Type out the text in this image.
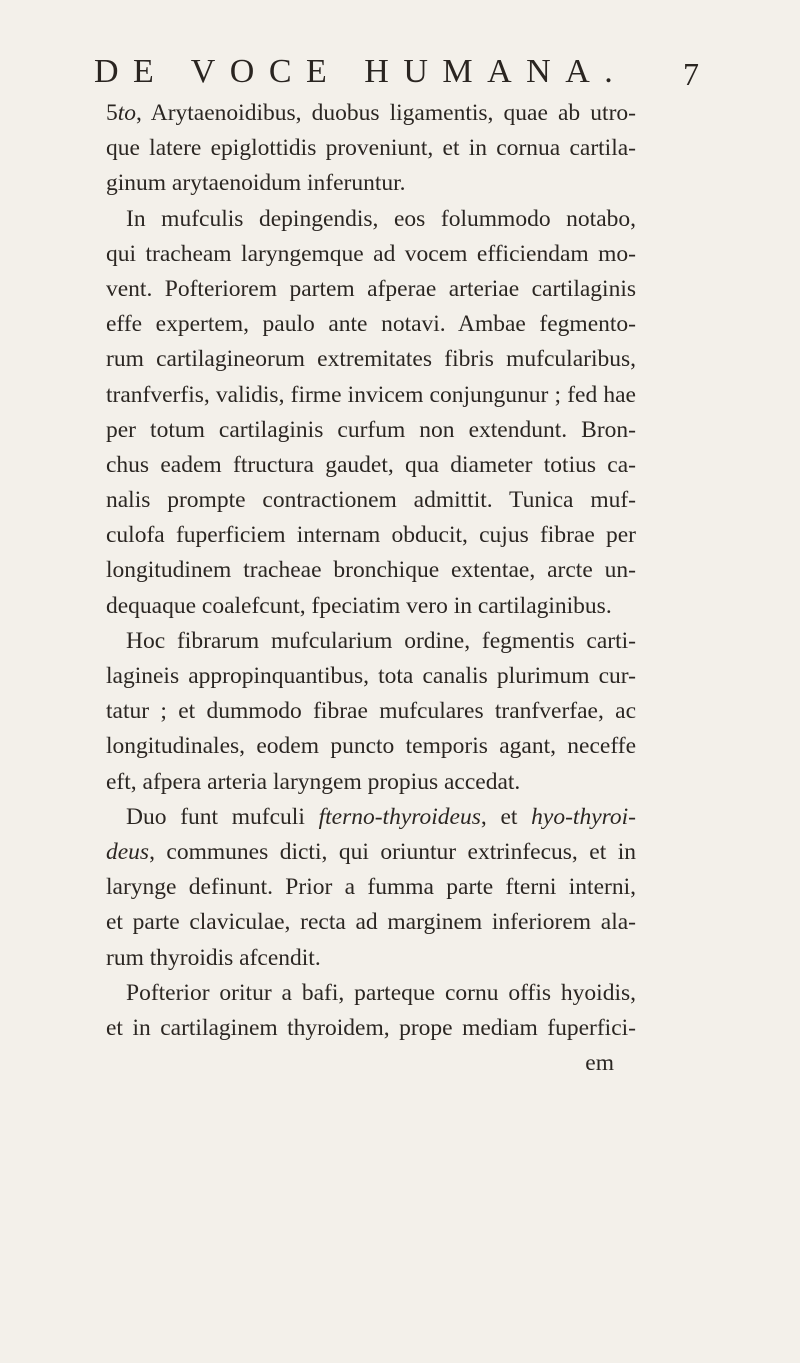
DE VOCE HUMANA. 7
5to, Arytaenoidibus, duobus ligamentis, quae ab utro-
que latere epiglottidis proveniunt, et in cornua cartila-
ginum arytaenoidum inferuntur.
In mufculis depingendis, eos folummodo notabo,
qui tracheam laryngemque ad vocem efficiendam mo-
vent. Pofteriorem partem afperae arteriae cartilaginis
effe expertem, paulo ante notavi. Ambae fegmento-
rum cartilagineorum extremitates fibris mufcularibus,
tranfverfis, validis, firme invicem conjungunur ; fed hae
per totum cartilaginis curfum non extendunt. Bron-
chus eadem ftructura gaudet, qua diameter totius ca-
nalis prompte contractionem admittit. Tunica muf-
culofa fuperficiem internam obducit, cujus fibrae per
longitudinem tracheae bronchique extentae, arcte un-
dequaque coalefcunt, fpeciatim vero in cartilaginibus.
Hoc fibrarum mufcularium ordine, fegmentis carti-
lagineis appropinquantibus, tota canalis plurimum cur-
tatur ; et dummodo fibrae mufculares tranfverfae, ac
longitudinales, eodem puncto temporis agant, neceffe
eft, afpera arteria laryngem propius accedat.
Duo funt mufculi fterno-thyroideus, et hyo-thyroi-
deus, communes dicti, qui oriuntur extrinfecus, et in
larynge definunt. Prior a fumma parte fterni interni,
et parte claviculae, recta ad marginem inferiorem ala-
rum thyroidis afcendit.
Pofterior oritur a bafi, parteque cornu offis hyoidis,
et in cartilaginem thyroidem, prope mediam fuperfici-
em
